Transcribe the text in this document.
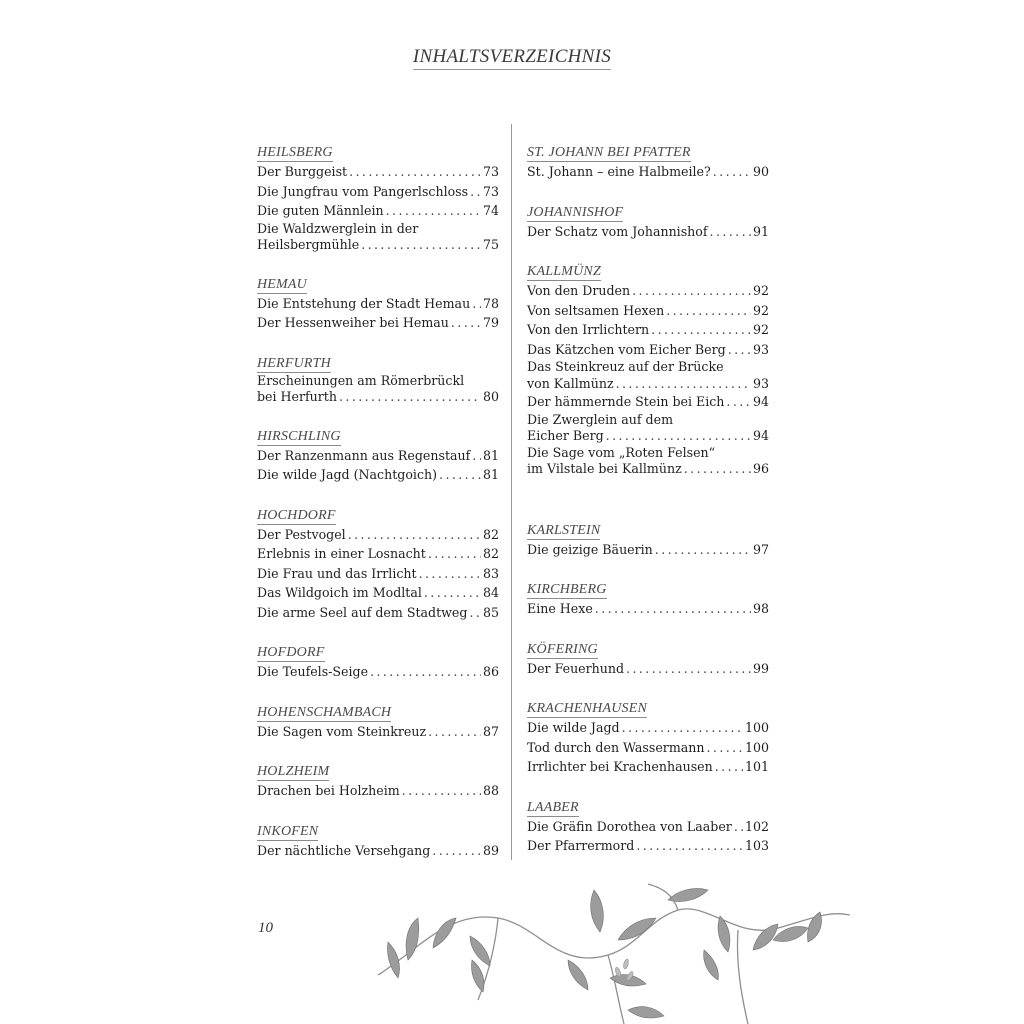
INHALTSVERZEICHNIS
HEILSBERG
Der Burggeist . . .	73
Die Jungfrau vom Pangerlschloss . . . 73
Die guten Männlein . . .	74
Die Waldzwerglein in der
Heilsbergmühle . . .	75
HEMAU
Die Entstehung der Stadt Hemau . . . 78
Der Hessenweiher bei Hemau . . .	79
HERFURTH
Erscheinungen am Römerbrückl
bei Herfurth . . .	80
HIRSCHLING
Der Ranzenmann aus Regenstauf . . . 81
Die wilde Jagd (Nachtgoich) . . .	81
HOCHDORF
Der Pestvogel . . .	82
Erlebnis in einer Losnacht . . .	82
Die Frau und das Irrlicht . . .	83
Das Wildgoich im Modltal . . .	84
Die arme Seel auf dem Stadtweg . . . 85
HOFDORF
Die Teufels-Seige . . .	86
HOHENSCHAMBACH
Die Sagen vom Steinkreuz . . .	87
HOLZHEIM
Drachen bei Holzheim . . .	88
INKOFEN
Der nächtliche Versehgang . . .	89
ST. JOHANN BEI PFATTER
St. Johann – eine Halbmeile? . . .	90
JOHANNISHOF
Der Schatz vom Johannishof . . .	91
KALLMÜNZ
Von den Druden . . .	92
Von seltsamen Hexen . . .	92
Von den Irrlichtern . . .	92
Das Kätzchen vom Eicher Berg . . . 93
Das Steinkreuz auf der Brücke
von Kallmünz . . .	93
Der hämmernde Stein bei Eich . . . 94
Die Zwerglein auf dem
Eicher Berg . . .	94
Die Sage vom „Roten Felsen“
im Vilstale bei Kallmünz . . .	96
KARLSTEIN
Die geizige Bäuerin . . .	97
KIRCHBERG
Eine Hexe . . .	98
KÖFERING
Der Feuerhund . . .	99
KRACHENHAUSEN
Die wilde Jagd . . .	100
Tod durch den Wassermann . . .	100
Irrlichter bei Krachenhausen . . .	101
LAABER
Die Gräfin Dorothea von Laaber . . . 102
Der Pfarrermord . . .	103
10
